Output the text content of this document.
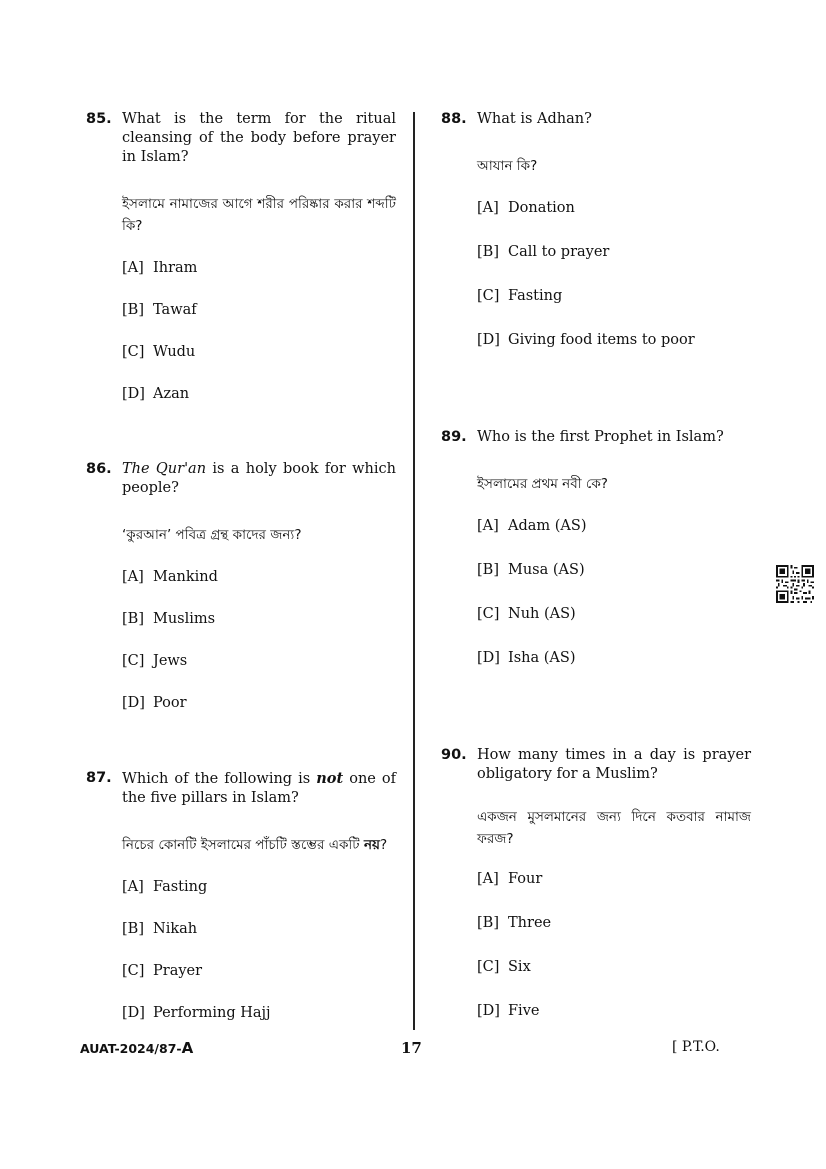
85. What is the term for the ritual cleansing of the body before prayer in Islam?
ইসলামে নামাজের আগে শরীর পরিষ্কার করার শব্দটি কি?
[A] Ihram
[B] Tawaf
[C] Wudu
[D] Azan
86. The Qur'an is a holy book for which people?
‘কুরআন’ পবিত্র গ্রন্থ কাদের জন্য?
[A] Mankind
[B] Muslims
[C] Jews
[D] Poor
87. Which of the following is not one of the five pillars in Islam?
নিচের কোনটি ইসলামের পাঁচটি স্তম্ভের একটি নয়?
[A] Fasting
[B] Nikah
[C] Prayer
[D] Performing Hajj
88. What is Adhan?
আযান কি?
[A] Donation
[B] Call to prayer
[C] Fasting
[D] Giving food items to poor
89. Who is the first Prophet in Islam?
ইসলামের প্রথম নবী কে?
[A] Adam (AS)
[B] Musa (AS)
[C] Nuh (AS)
[D] Isha (AS)
90. How many times in a day is prayer obligatory for a Muslim?
একজন মুসলমানের জন্য দিনে কতবার নামাজ ফরজ?
[A] Four
[B] Three
[C] Six
[D] Five
AUAT-2024/87-A	17	[ P.T.O.
